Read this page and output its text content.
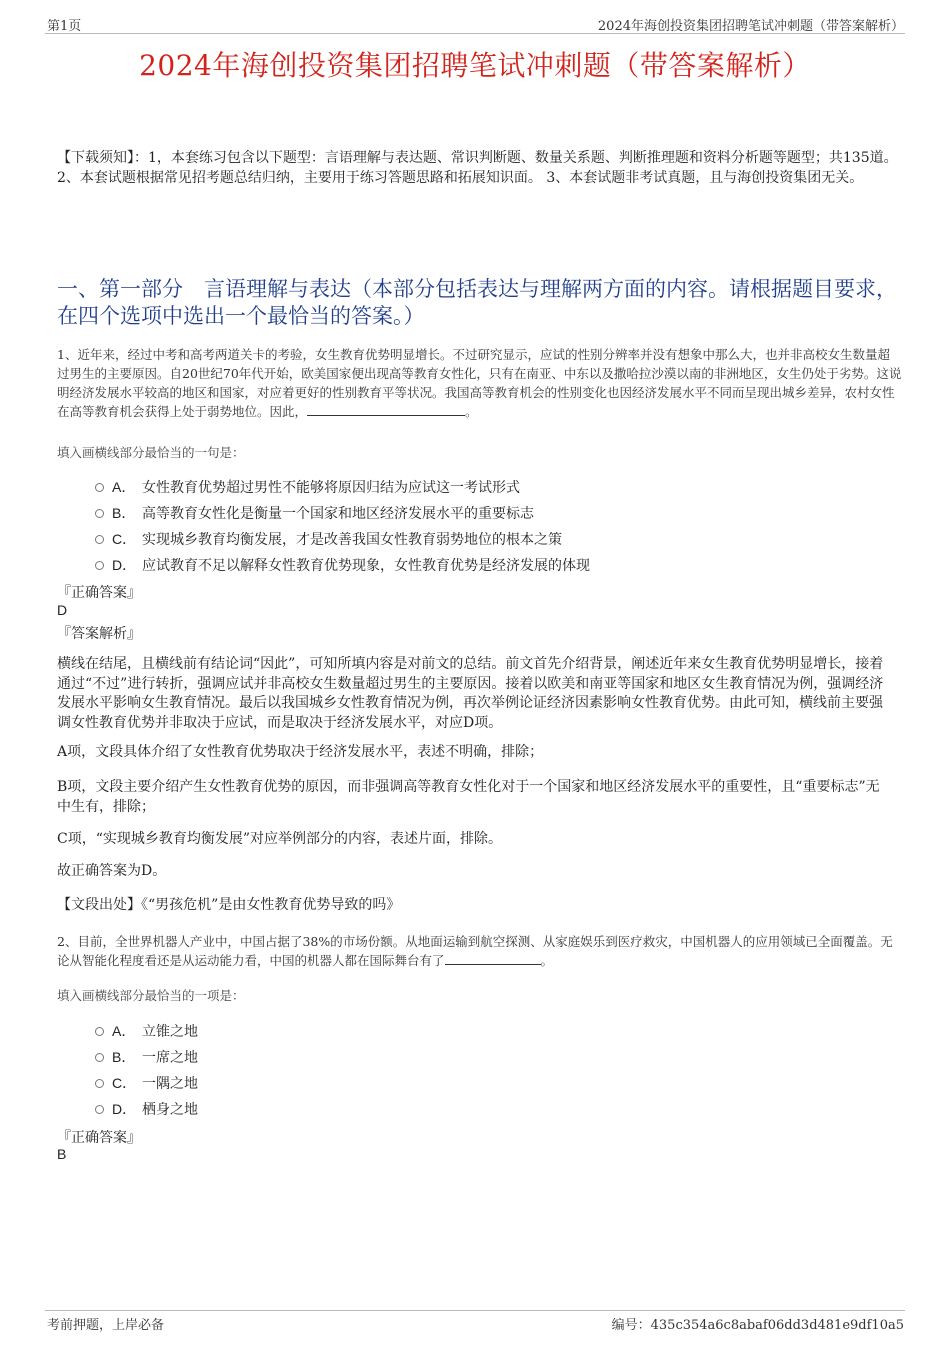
第1页	2024年海创投资集团招聘笔试冲刺题（带答案解析）
2024年海创投资集团招聘笔试冲刺题（带答案解析）
【下载须知】：1，本套练习包含以下题型：言语理解与表达题、常识判断题、数量关系题、判断推理题和资料分析题等题型；共135道。 2、本套试题根据常见招考题总结归纳，主要用于练习答题思路和拓展知识面。 3、本套试题非考试真题，且与海创投资集团无关。
一、第一部分　言语理解与表达（本部分包括表达与理解两方面的内容。请根据题目要求，在四个选项中选出一个最恰当的答案。）
1、近年来，经过中考和高考两道关卡的考验，女生教育优势明显增长。不过研究显示，应试的性别分辨率并没有想象中那么大，也并非高校女生数量超过男生的主要原因。自20世纪70年代开始，欧美国家便出现高等教育女性化，只有在南亚、中东以及撒哈拉沙漠以南的非洲地区，女生仍处于劣势。这说明经济发展水平较高的地区和国家，对应着更好的性别教育平等状况。我国高等教育机会的性别变化也因经济发展水平不同而呈现出城乡差异，农村女性在高等教育机会获得上处于弱势地位。因此，	。
填入画横线部分最恰当的一句是：
A． 女性教育优势超过男性不能够将原因归结为应试这一考试形式
B． 高等教育女性化是衡量一个国家和地区经济发展水平的重要标志
C． 实现城乡教育均衡发展，才是改善我国女性教育弱势地位的根本之策
D． 应试教育不足以解释女性教育优势现象，女性教育优势是经济发展的体现
『正确答案』
D
『答案解析』
横线在结尾，且横线前有结论词“因此”，可知所填内容是对前文的总结。前文首先介绍背景，阐述近年来女生教育优势明显增长，接着通过“不过”进行转折，强调应试并非高校女生数量超过男生的主要原因。接着以欧美和南亚等国家和地区女生教育情况为例，强调经济发展水平影响女生教育情况。最后以我国城乡女性教育情况为例，再次举例论证经济因素影响女性教育优势。由此可知，横线前主要强调女性教育优势并非取决于应试，而是取决于经济发展水平，对应D项。
A项，文段具体介绍了女性教育优势取决于经济发展水平，表述不明确，排除；
B项，文段主要介绍产生女性教育优势的原因，而非强调高等教育女性化对于一个国家和地区经济发展水平的重要性，且“重要标志”无中生有，排除；
C项，“实现城乡教育均衡发展”对应举例部分的内容，表述片面，排除。
故正确答案为D。
【文段出处】《“男孩危机”是由女性教育优势导致的吗》
2、目前，全世界机器人产业中，中国占据了38%的市场份额。从地面运输到航空探测、从家庭娱乐到医疗救灾，中国机器人的应用领域已全面覆盖。无论从智能化程度看还是从运动能力看，中国的机器人都在国际舞台有了	。
填入画横线部分最恰当的一项是：
A． 立锥之地
B． 一席之地
C． 一隅之地
D． 栖身之地
『正确答案』
B
考前押题，上岸必备	编号：435c354a6c8abaf06dd3d481e9df10a5
